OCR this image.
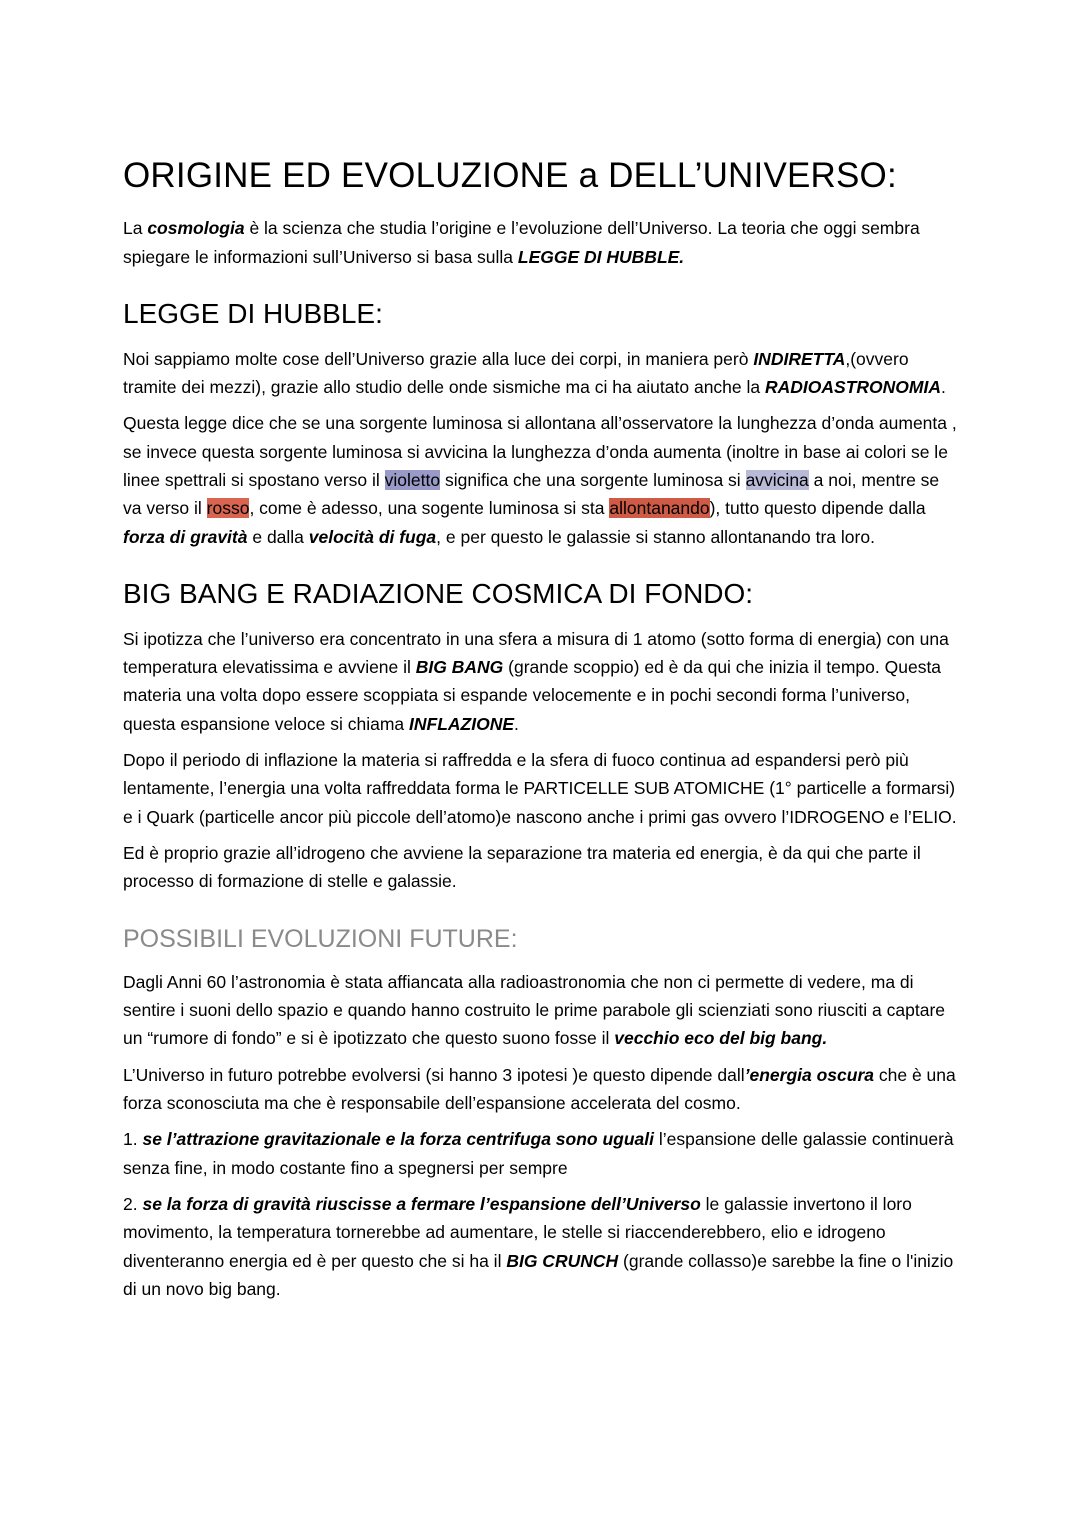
ORIGINE ED EVOLUZIONE a DELL’UNIVERSO:

La cosmologia è la scienza che studia l’origine e l’evoluzione dell’Universo. La teoria che oggi sembra spiegare le informazioni sull’Universo si basa sulla LEGGE DI HUBBLE.

LEGGE DI HUBBLE:

Noi sappiamo molte cose dell’Universo grazie alla luce dei corpi, in maniera però INDIRETTA,(ovvero tramite dei mezzi), grazie allo studio delle onde sismiche ma ci ha aiutato anche la RADIOASTRONOMIA.

Questa legge dice che se una sorgente luminosa si allontana all’osservatore la lunghezza d’onda aumenta , se invece questa sorgente luminosa si avvicina la lunghezza d’onda aumenta (inoltre in base ai colori se le linee spettrali si spostano verso il violetto significa che una sorgente luminosa si avvicina a noi, mentre se va verso il rosso, come è adesso, una sogente luminosa si sta allontanando), tutto questo dipende dalla forza di gravità e dalla velocità di fuga, e per questo le galassie si stanno allontanando tra loro.

BIG BANG E RADIAZIONE COSMICA DI FONDO:

Si ipotizza che l’universo era concentrato in una sfera a misura di 1 atomo (sotto forma di energia) con una temperatura elevatissima e avviene il BIG BANG (grande scoppio) ed è da qui che inizia il tempo. Questa materia una volta dopo essere scoppiata si espande velocemente e in pochi secondi forma l’universo, questa espansione veloce si chiama INFLAZIONE.

Dopo il periodo di inflazione la materia si raffredda e la sfera di fuoco continua ad espandersi però più lentamente, l’energia una volta raffreddata forma le PARTICELLE SUB ATOMICHE (1° particelle a formarsi) e i Quark (particelle ancor più piccole dell’atomo)e nascono anche i primi gas ovvero l’IDROGENO e l’ELIO.

Ed è proprio grazie all’idrogeno che avviene la separazione tra materia ed energia, è da qui che parte il processo di formazione di stelle e galassie.

POSSIBILI EVOLUZIONI FUTURE:

Dagli Anni 60 l’astronomia è stata affiancata alla radioastronomia che non ci permette di vedere, ma di sentire i suoni dello spazio e quando hanno costruito le prime parabole gli scienziati sono riusciti a captare un “rumore di fondo” e si è ipotizzato che questo suono fosse il vecchio eco del big bang.

L’Universo in futuro potrebbe evolversi (si hanno 3 ipotesi )e questo dipende dall’energia oscura che è una forza sconosciuta ma che è responsabile dell’espansione accelerata del cosmo.

1. se l’attrazione gravitazionale e la forza centrifuga sono uguali l’espansione delle galassie continuerà senza fine, in modo costante fino a spegnersi per sempre

2. se la forza di gravità riuscisse a fermare l’espansione dell’Universo le galassie invertono il loro movimento, la temperatura tornerebbe ad aumentare, le stelle si riaccenderebbero, elio e idrogeno diventeranno energia ed è per questo che si ha il BIG CRUNCH (grande collasso)e sarebbe la fine o l'inizio di un novo big bang.
